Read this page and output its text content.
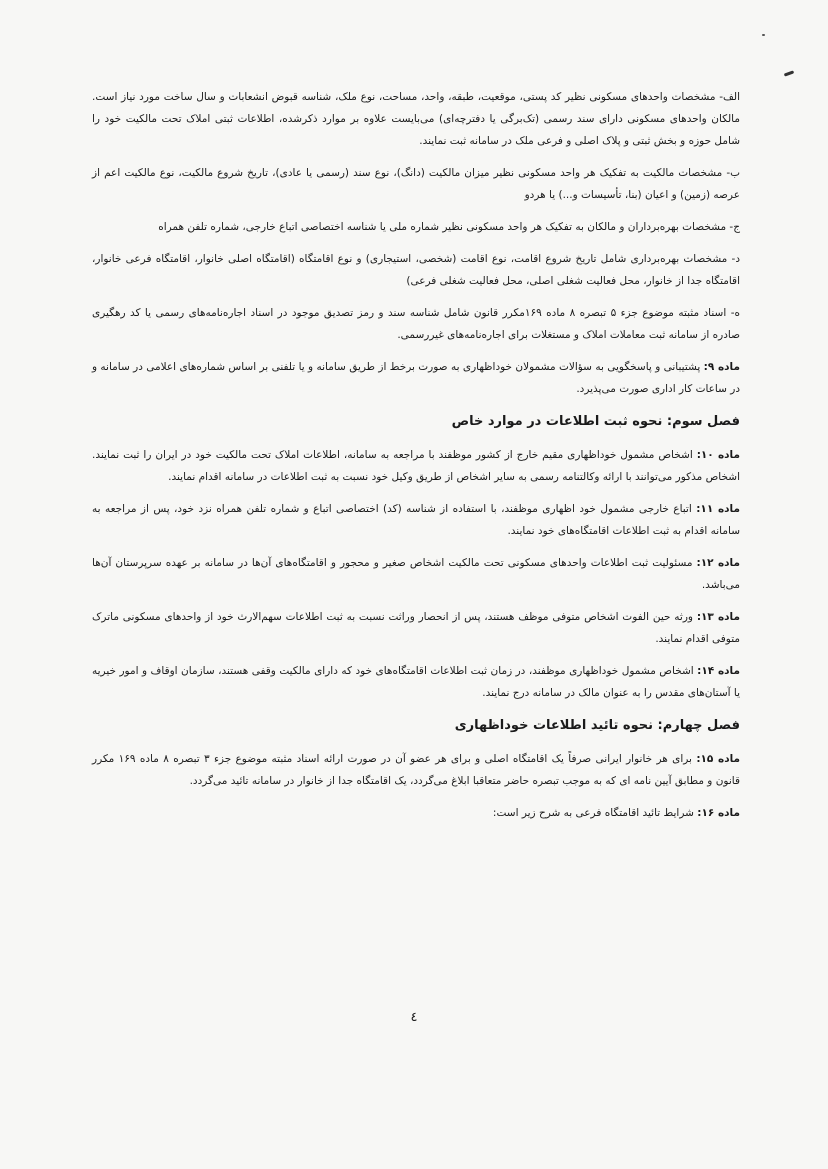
الف- مشخصات واحدهای مسکونی نظیر کد پستی، موقعیت، طبقه، واحد، مساحت، نوع ملک، شناسه قبوض انشعابات و سال ساخت مورد نیاز است. مالکان واحدهای مسکونی دارای سند رسمی (تک‌برگی یا دفترچه‌ای) می‌بایست علاوه بر موارد ذکرشده، اطلاعات ثبتی املاک تحت مالکیت خود را شامل حوزه و بخش ثبتی و پلاک اصلی و فرعی ملک در سامانه ثبت نمایند.

ب- مشخصات مالکیت به تفکیک هر واحد مسکونی نظیر میزان مالکیت (دانگ)، نوع سند (رسمی یا عادی)، تاریخ شروع مالکیت، نوع مالکیت اعم از عرصه (زمین) و اعیان (بنا، تأسیسات و...) یا هردو

ج- مشخصات بهره‌برداران و مالکان به تفکیک هر واحد مسکونی نظیر شماره ملی یا شناسه اختصاصی اتباع خارجی، شماره تلفن همراه

د- مشخصات بهره‌برداری شامل تاریخ شروع اقامت، نوع اقامت (شخصی، استیجاری) و نوع اقامتگاه (اقامتگاه اصلی خانوار، اقامتگاه فرعی خانوار، اقامتگاه جدا از خانوار، محل فعالیت شغلی اصلی، محل فعالیت شغلی فرعی)

ه- اسناد مثبته موضوع جزء ۵ تبصره ۸ ماده ۱۶۹مکرر قانون شامل شناسه سند و رمز تصدیق موجود در اسناد اجاره‌نامه‌های رسمی یا کد رهگیری صادره از سامانه ثبت معاملات املاک و مستغلات برای اجاره‌نامه‌های غیررسمی.

ماده ۹: پشتیبانی و پاسخگویی به سؤالات مشمولان خوداظهاری به صورت برخط از طریق سامانه و یا تلفنی بر اساس شماره‌های اعلامی در سامانه و در ساعات کار اداری صورت می‌پذیرد.

فصل سوم: نحوه ثبت اطلاعات در موارد خاص

ماده ۱۰: اشخاص مشمول خوداظهاری مقیم خارج از کشور موظفند با مراجعه به سامانه، اطلاعات املاک تحت مالکیت خود در ایران را ثبت نمایند. اشخاص مذکور می‌توانند با ارائه وکالتنامه رسمی به سایر اشخاص از طریق وکیل خود نسبت به ثبت اطلاعات در سامانه اقدام نمایند.

ماده ۱۱: اتباع خارجی مشمول خود اظهاری موظفند، با استفاده از شناسه (کد) اختصاصی اتباع و شماره تلفن همراه نزد خود، پس از مراجعه به سامانه اقدام به ثبت اطلاعات اقامتگاه‌های خود نمایند.

ماده ۱۲: مسئولیت ثبت اطلاعات واحدهای مسکونی تحت مالکیت اشخاص صغیر و محجور و اقامتگاه‌های آن‌ها در سامانه بر عهده سرپرستان آن‌ها می‌باشد.

ماده ۱۳: ورثه حین الفوت اشخاص متوفی موظف هستند، پس از انحصار وراثت نسبت به ثبت اطلاعات سهم‌الارث خود از واحدهای مسکونی ماترک متوفی اقدام نمایند.

ماده ۱۴: اشخاص مشمول خوداظهاری موظفند، در زمان ثبت اطلاعات اقامتگاه‌های خود که دارای مالکیت وقفی هستند، سازمان اوقاف و امور خیریه یا آستان‌های مقدس را به عنوان مالک در سامانه درج نمایند.

فصل چهارم: نحوه تائید اطلاعات خوداظهاری

ماده ۱۵: برای هر خانوار ایرانی صرفاً یک اقامتگاه اصلی و برای هر عضو آن در صورت ارائه اسناد مثبته موضوع جزء ۳ تبصره ۸ ماده ۱۶۹ مکرر قانون و مطابق آیین نامه ای که به موجب تبصره حاضر متعاقبا ابلاغ می‌گردد، یک اقامتگاه جدا از خانوار در سامانه تائید می‌گردد.

ماده ۱۶: شرایط تائید اقامتگاه فرعی به شرح زیر است:

٤
